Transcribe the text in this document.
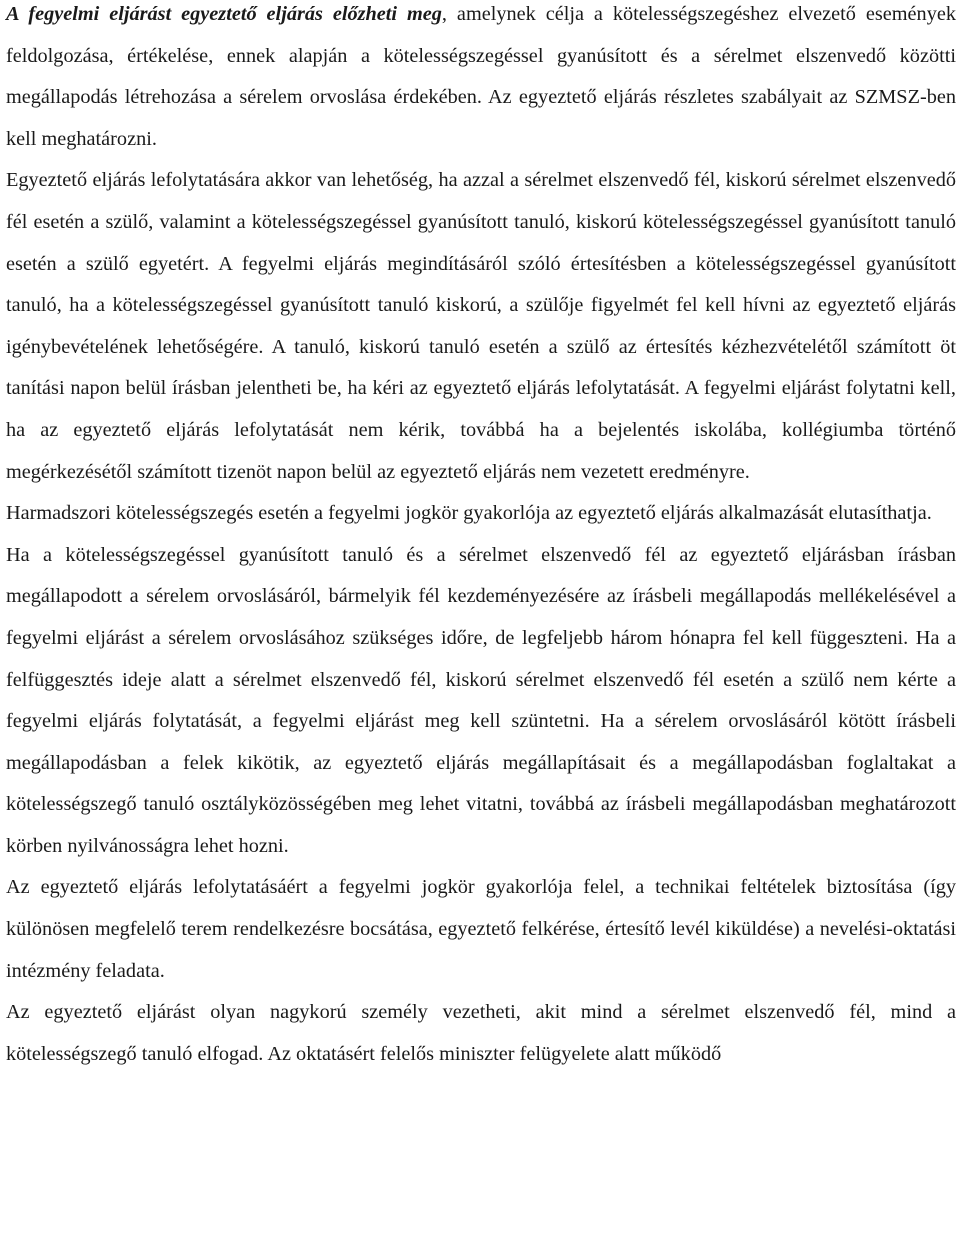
A fegyelmi eljárást egyeztető eljárás előzheti meg, amelynek célja a kötelességszegéshez elvezető események feldolgozása, értékelése, ennek alapján a kötelességszegéssel gyanúsított és a sérelmet elszenvedő közötti megállapodás létrehozása a sérelem orvoslása érdekében. Az egyeztető eljárás részletes szabályait az SZMSZ-ben kell meghatározni.

Egyeztető eljárás lefolytatására akkor van lehetőség, ha azzal a sérelmet elszenvedő fél, kiskorú sérelmet elszenvedő fél esetén a szülő, valamint a kötelességszegéssel gyanúsított tanuló, kiskorú kötelességszegéssel gyanúsított tanuló esetén a szülő egyetért. A fegyelmi eljárás megindításáról szóló értesítésben a kötelességszegéssel gyanúsított tanuló, ha a kötelességszegéssel gyanúsított tanuló kiskorú, a szülője figyelmét fel kell hívni az egyeztető eljárás igénybevételének lehetőségére. A tanuló, kiskorú tanuló esetén a szülő az értesítés kézhezvételétől számított öt tanítási napon belül írásban jelentheti be, ha kéri az egyeztető eljárás lefolytatását. A fegyelmi eljárást folytatni kell, ha az egyeztető eljárás lefolytatását nem kérik, továbbá ha a bejelentés iskolába, kollégiumba történő megérkezésétől számított tizenöt napon belül az egyeztető eljárás nem vezetett eredményre.

Harmadszori kötelességszegés esetén a fegyelmi jogkör gyakorlója az egyeztető eljárás alkalmazását elutasíthatja.

Ha a kötelességszegéssel gyanúsított tanuló és a sérelmet elszenvedő fél az egyeztető eljárásban írásban megállapodott a sérelem orvoslásáról, bármelyik fél kezdeményezésére az írásbeli megállapodás mellékelésével a fegyelmi eljárást a sérelem orvoslásához szükséges időre, de legfeljebb három hónapra fel kell függeszteni. Ha a felfüggesztés ideje alatt a sérelmet elszenvedő fél, kiskorú sérelmet elszenvedő fél esetén a szülő nem kérte a fegyelmi eljárás folytatását, a fegyelmi eljárást meg kell szüntetni. Ha a sérelem orvoslásáról kötött írásbeli megállapodásban a felek kikötik, az egyeztető eljárás megállapításait és a megállapodásban foglaltakat a kötelességszegő tanuló osztályközösségében meg lehet vitatni, továbbá az írásbeli megállapodásban meghatározott körben nyilvánosságra lehet hozni.

Az egyeztető eljárás lefolytatásáért a fegyelmi jogkör gyakorlója felel, a technikai feltételek biztosítása (így különösen megfelelő terem rendelkezésre bocsátása, egyeztető felkérése, értesítő levél kiküldése) a nevelési-oktatási intézmény feladata.

Az egyeztető eljárást olyan nagykorú személy vezetheti, akit mind a sérelmet elszenvedő fél, mind a kötelességszegő tanuló elfogad. Az oktatásért felelős miniszter felügyelete alatt működő
